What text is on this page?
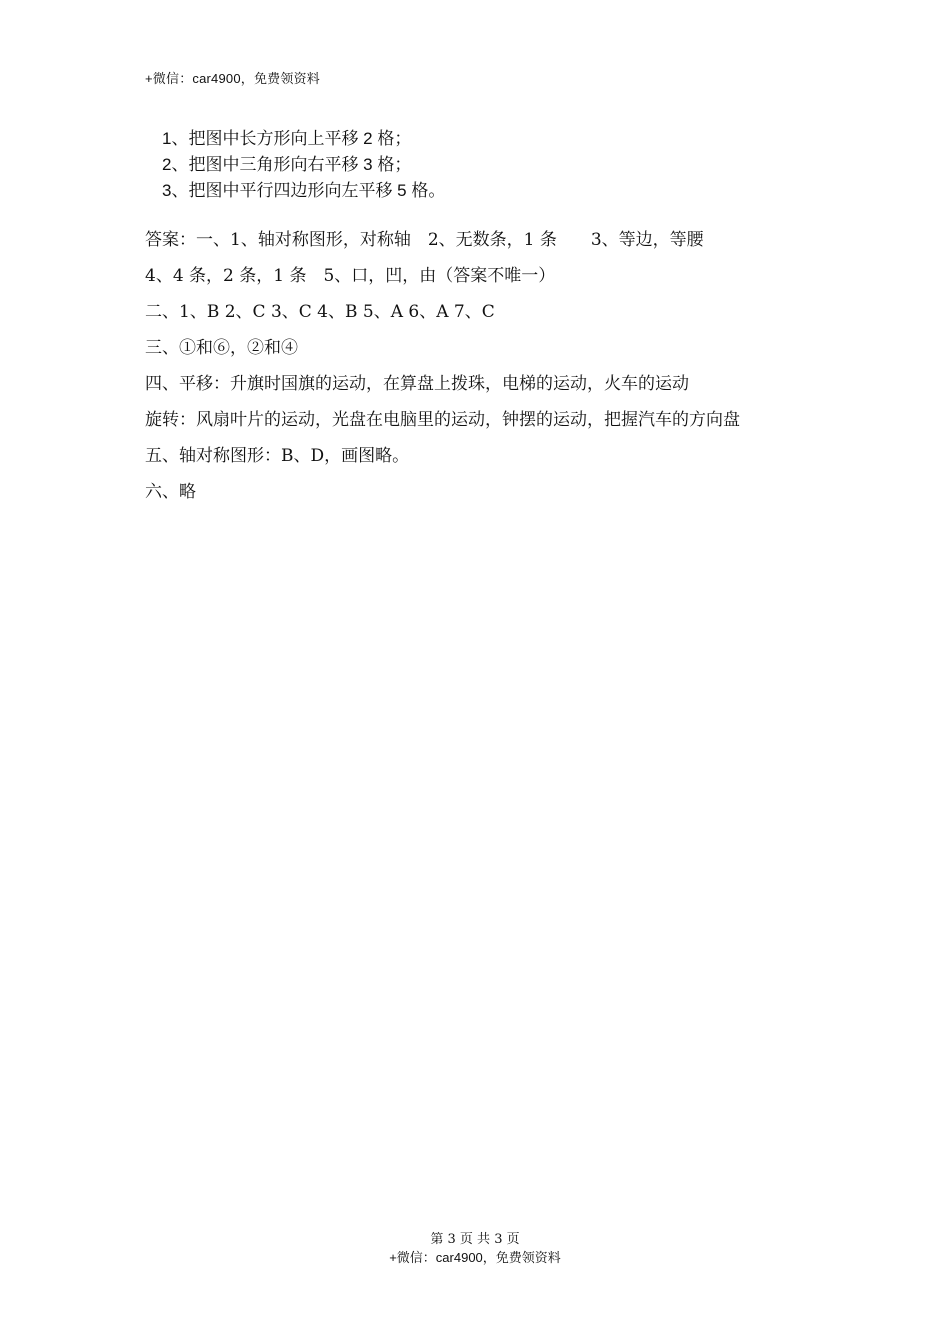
+微信：car4900，免费领资料
1、把图中长方形向上平移 2 格；
2、把图中三角形向右平移 3 格；
3、把图中平行四边形向左平移 5 格。
答案：一、1、轴对称图形，对称轴　2、无数条，1 条　　3、等边，等腰
4、4 条，2 条，1 条　5、口，凹，由（答案不唯一）
二、1、B 2、C 3、C 4、B 5、A 6、A 7、C
三、①和⑥，②和④
四、平移：升旗时国旗的运动，在算盘上拨珠，电梯的运动，火车的运动
旋转：风扇叶片的运动，光盘在电脑里的运动，钟摆的运动，把握汽车的方向盘
五、轴对称图形：B、D，画图略。
六、略
第 3 页 共 3 页
+微信：car4900，免费领资料
